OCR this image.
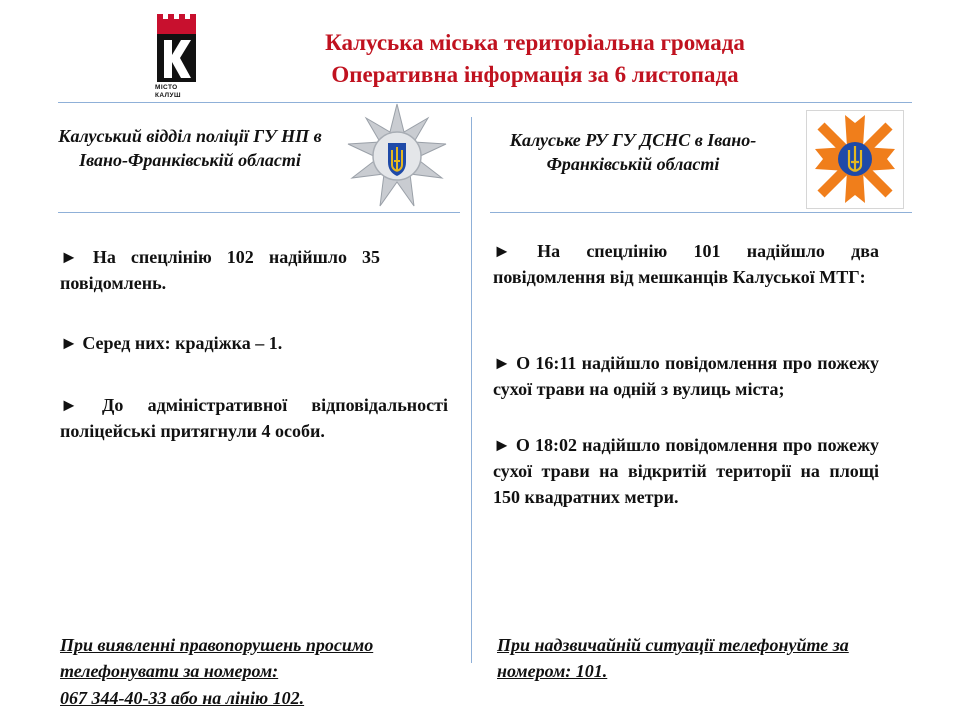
МІСТО
КАЛУШ
Калуська міська територіальна громада
Оперативна інформація за 6 листопада
Калуський відділ поліції ГУ НП в Івано-Франківській області
► На спецлінію 102 надійшло 35 повідомлень.
► Серед них: крадіжка – 1.
► До адміністративної відповідальності поліцейські притягнули 4 особи.
При виявленні правопорушень просимо телефонувати за номером:
067 344-40-33 або на лінію 102.
Калуське РУ ГУ ДСНС в Івано-Франківській області
► На спецлінію 101 надійшло два повідомлення від мешканців Калуської МТГ:
► О 16:11 надійшло повідомлення про пожежу сухої трави на одній з вулиць міста;
► О 18:02 надійшло повідомлення про пожежу сухої трави на відкритій території на площі 150 квадратних метри.
При надзвичайній ситуації телефонуйте за номером: 101.
